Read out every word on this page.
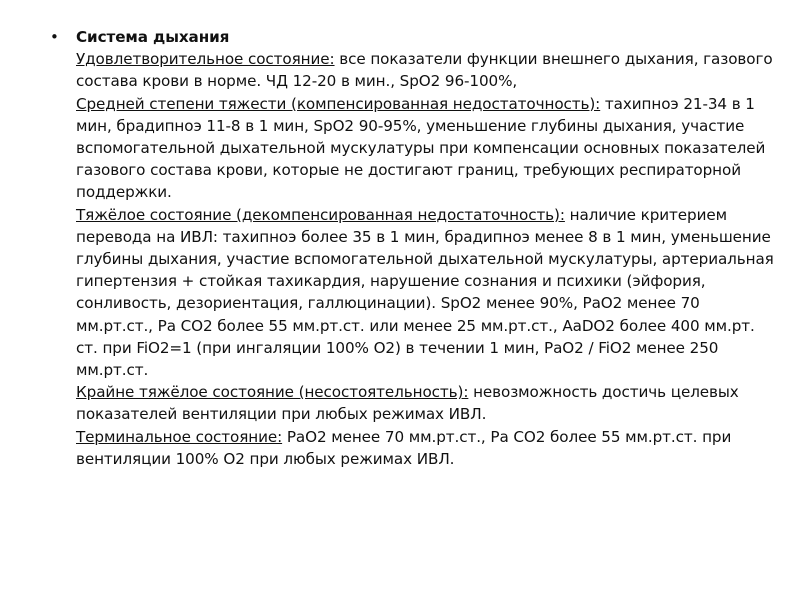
• Система дыхания
Удовлетворительное состояние: все показатели функции внешнего дыхания, газового состава крови в норме. ЧД 12-20 в мин., SpO2 96-100%,
Средней степени тяжести (компенсированная недостаточность): тахипноэ 21-34 в 1 мин, брадипноэ 11-8 в 1 мин, SpO2 90-95%, уменьшение глубины дыхания, участие вспомогательной дыхательной мускулатуры при компенсации основных показателей газового состава крови, которые не достигают границ, требующих респираторной поддержки.
Тяжёлое состояние (декомпенсированная недостаточность): наличие критерием перевода на ИВЛ: тахипноэ более 35 в 1 мин, брадипноэ менее 8 в 1 мин, уменьшение глубины дыхания, участие вспомогательной дыхательной мускулатуры, артериальная гипертензия + стойкая тахикардия, нарушение сознания и психики (эйфория, сонливость, дезориентация, галлюцинации). SpO2 менее 90%, РаО2 менее 70 мм.рт.ст., Ра СО2 более 55 мм.рт.ст. или менее 25 мм.рт.ст., АаDO2 более 400 мм.рт. ст. при FiO2=1 (при ингаляции 100% О2) в течении 1 мин, РаО2 / FiO2 менее 250 мм.рт.ст.
Крайне тяжёлое состояние (несостоятельность): невозможность достичь целевых показателей вентиляции при любых режимах ИВЛ.
Терминальное состояние: РаО2 менее 70 мм.рт.ст., Ра СО2 более 55 мм.рт.ст. при вентиляции 100% О2 при любых режимах ИВЛ.
